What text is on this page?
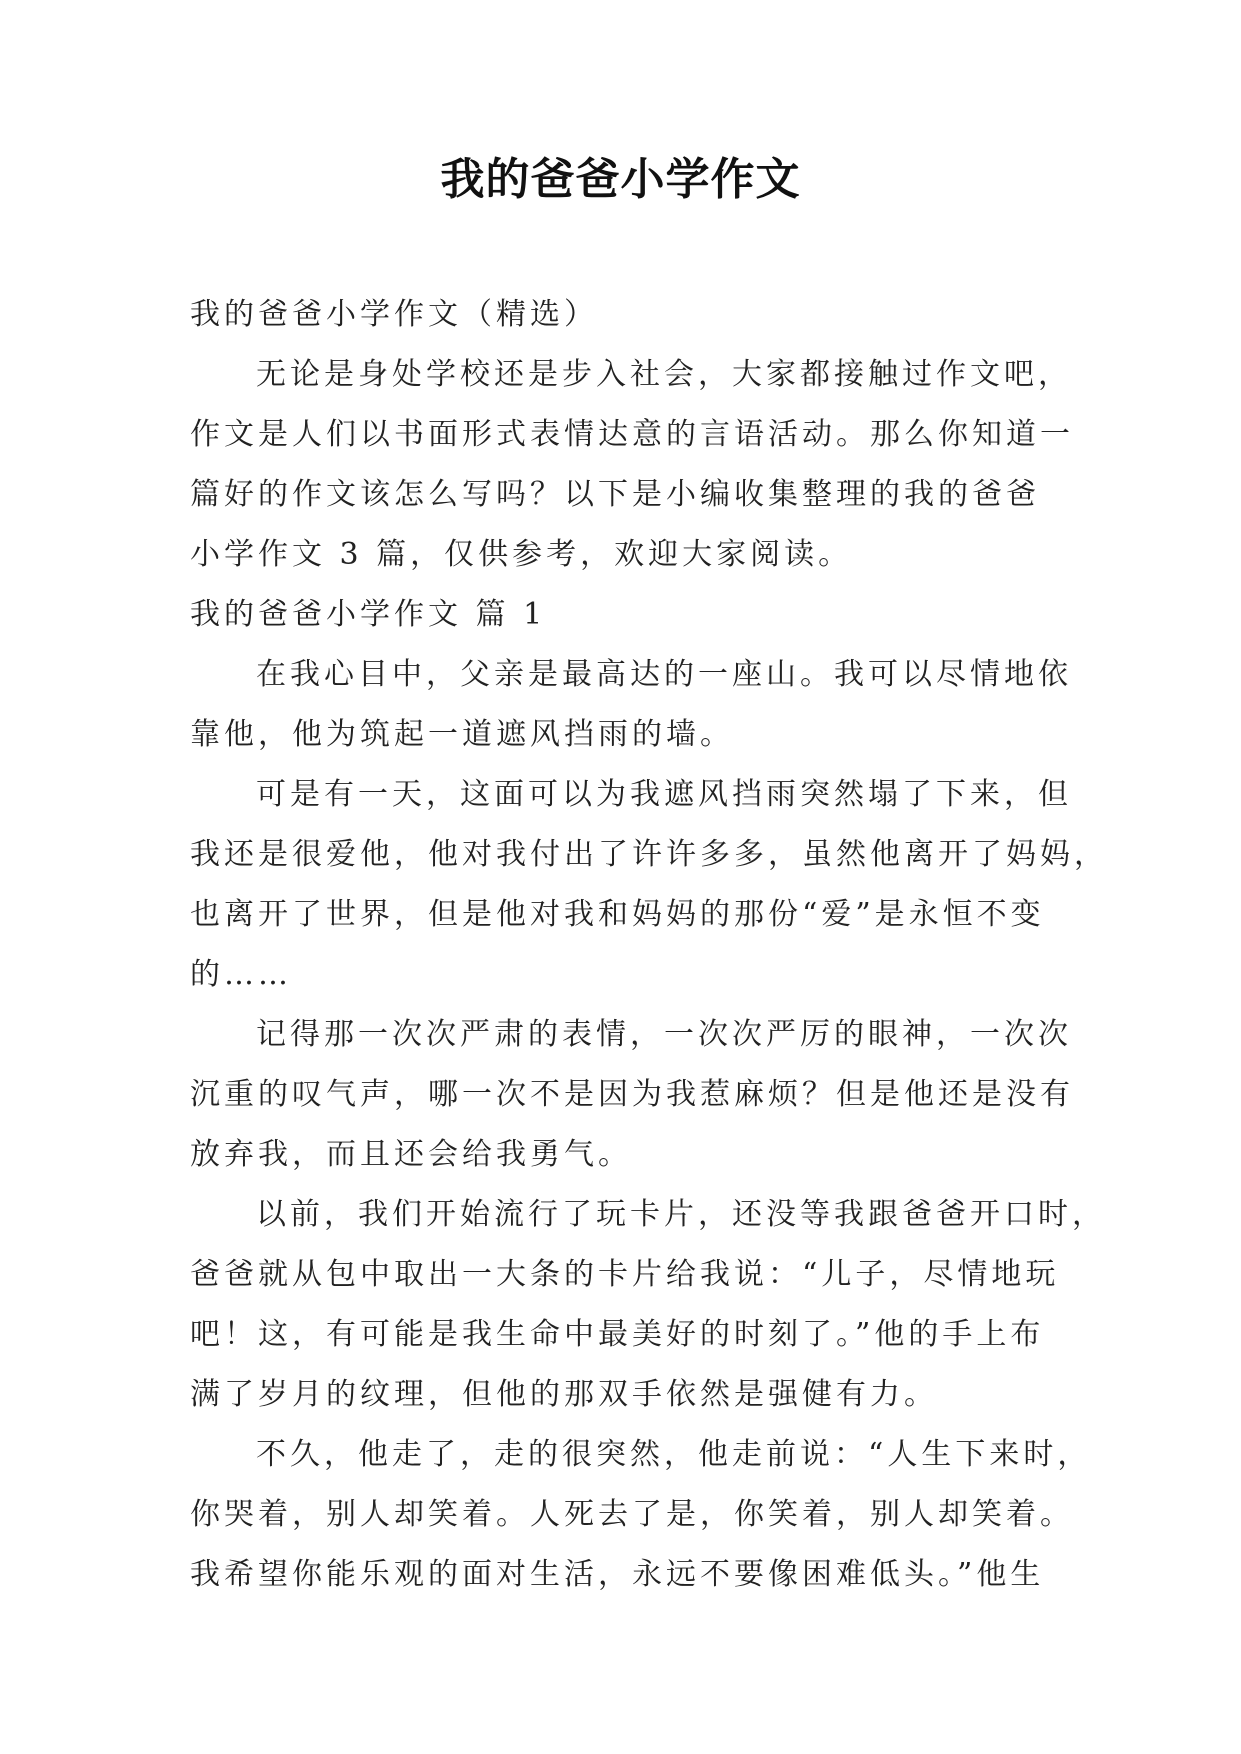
我的爸爸小学作文

我的爸爸小学作文（精选）

无论是身处学校还是步入社会，大家都接触过作文吧，

作文是人们以书面形式表情达意的言语活动。那么你知道一

篇好的作文该怎么写吗？以下是小编收集整理的我的爸爸

小学作文 3 篇，仅供参考，欢迎大家阅读。

我的爸爸小学作文 篇 1

在我心目中，父亲是最高达的一座山。我可以尽情地依

靠他，他为筑起一道遮风挡雨的墙。

可是有一天，这面可以为我遮风挡雨突然塌了下来，但

我还是很爱他，他对我付出了许许多多，虽然他离开了妈妈，

也离开了世界，但是他对我和妈妈的那份“爱”是永恒不变

的……

记得那一次次严肃的表情，一次次严厉的眼神，一次次

沉重的叹气声，哪一次不是因为我惹麻烦？但是他还是没有

放弃我，而且还会给我勇气。

以前，我们开始流行了玩卡片，还没等我跟爸爸开口时，

爸爸就从包中取出一大条的卡片给我说：“儿子，尽情地玩

吧！这，有可能是我生命中最美好的时刻了。”他的手上布

满了岁月的纹理，但他的那双手依然是强健有力。

不久，他走了，走的很突然，他走前说：“人生下来时，

你哭着，别人却笑着。人死去了是，你笑着，别人却笑着。

我希望你能乐观的面对生活，永远不要像困难低头。”他生
